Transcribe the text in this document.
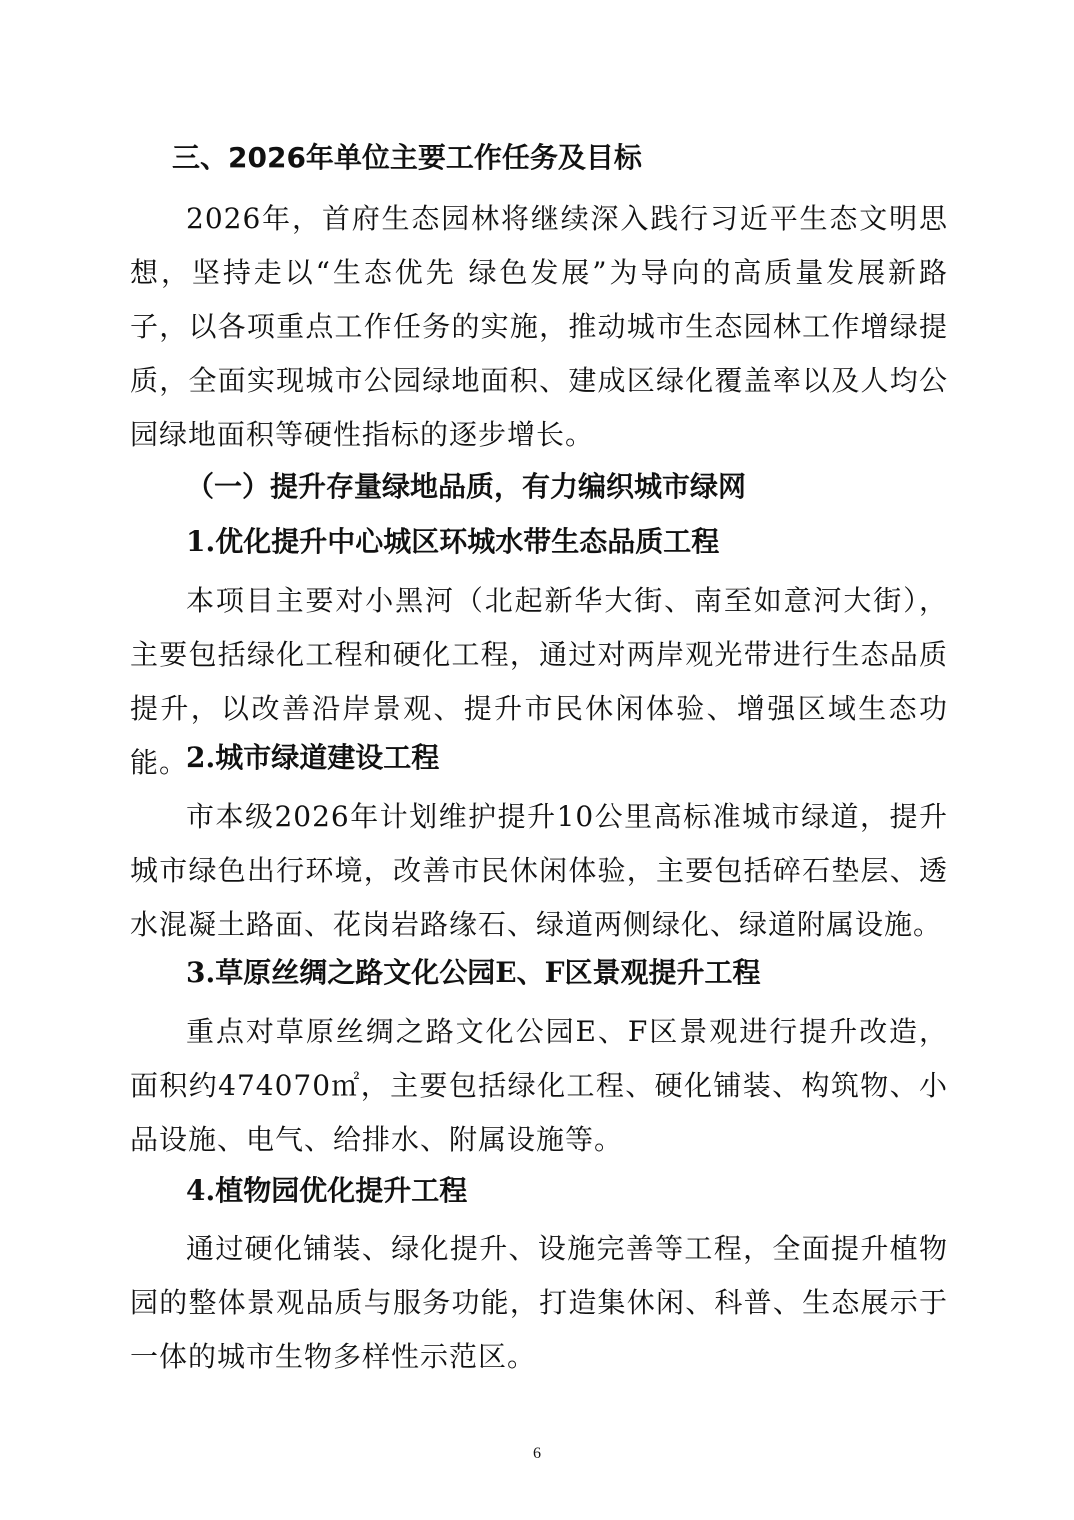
三、2026年单位主要工作任务及目标

2026年，首府生态园林将继续深入践行习近平生态文明思想，坚持走以“生态优先 绿色发展”为导向的高质量发展新路子，以各项重点工作任务的实施，推动城市生态园林工作增绿提质，全面实现城市公园绿地面积、建成区绿化覆盖率以及人均公园绿地面积等硬性指标的逐步增长。

（一）提升存量绿地品质，有力编织城市绿网
1.优化提升中心城区环城水带生态品质工程

本项目主要对小黑河（北起新华大街、南至如意河大街），主要包括绿化工程和硬化工程，通过对两岸观光带进行生态品质提升，以改善沿岸景观、提升市民休闲体验、增强区域生态功能。

2.城市绿道建设工程

市本级2026年计划维护提升10公里高标准城市绿道，提升城市绿色出行环境，改善市民休闲体验，主要包括碎石垫层、透水混凝土路面、花岗岩路缘石、绿道两侧绿化、绿道附属设施。

3.草原丝绸之路文化公园E、F区景观提升工程

重点对草原丝绸之路文化公园E、F区景观进行提升改造，面积约474070㎡，主要包括绿化工程、硬化铺装、构筑物、小品设施、电气、给排水、附属设施等。

4.植物园优化提升工程

通过硬化铺装、绿化提升、设施完善等工程，全面提升植物园的整体景观品质与服务功能，打造集休闲、科普、生态展示于一体的城市生物多样性示范区。

6
